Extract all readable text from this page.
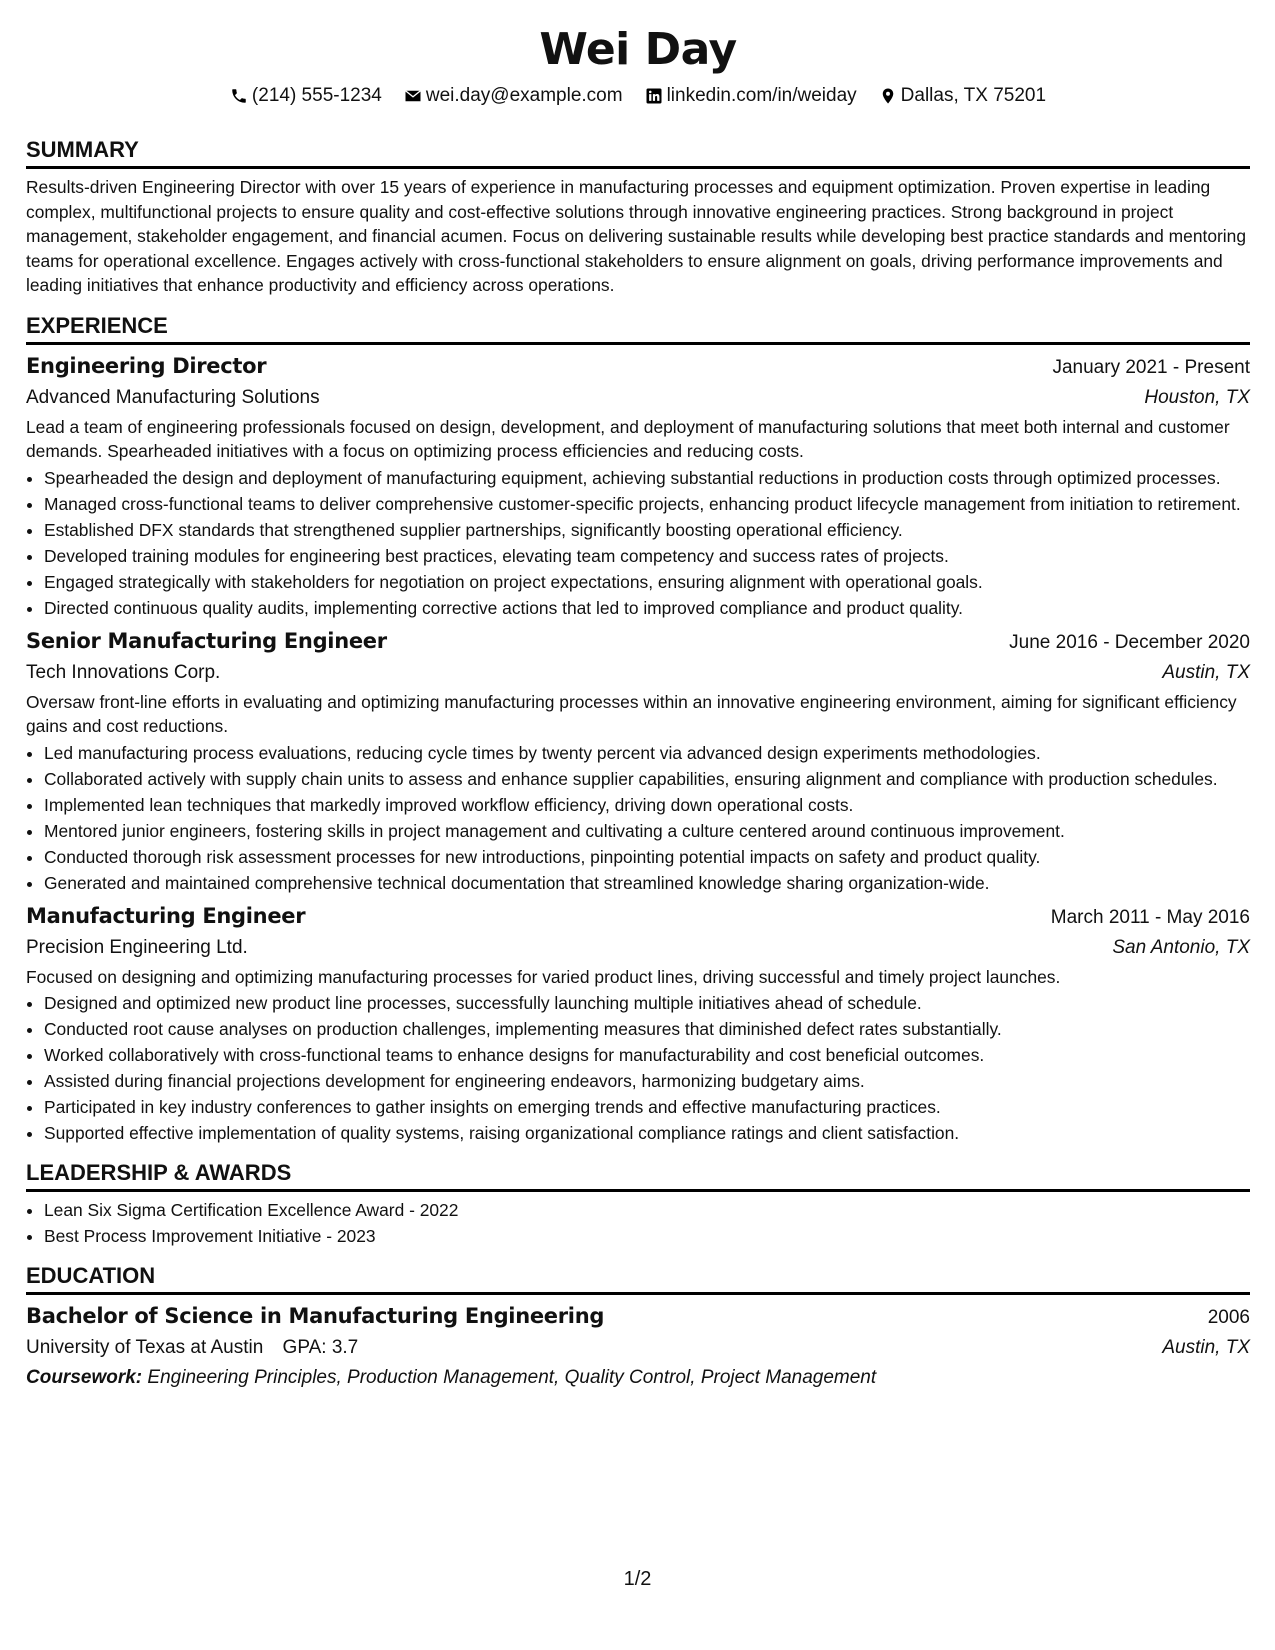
Wei Day
(214) 555-1234 wei.day@example.com linkedin.com/in/weiday Dallas, TX 75201
SUMMARY

Results-driven Engineering Director with over 15 years of experience in manufacturing processes and equipment optimization. Proven expertise in leading complex, multifunctional projects to ensure quality and cost-effective solutions through innovative engineering practices. Strong background in project management, stakeholder engagement, and financial acumen. Focus on delivering sustainable results while developing best practice standards and mentoring teams for operational excellence. Engages actively with cross-functional stakeholders to ensure alignment on goals, driving performance improvements and leading initiatives that enhance productivity and efficiency across operations.

EXPERIENCE
Engineering Director	January 2021 - Present
Advanced Manufacturing Solutions	Houston, TX

Lead a team of engineering professionals focused on design, development, and deployment of manufacturing solutions that meet both internal and customer demands. Spearheaded initiatives with a focus on optimizing process efficiencies and reducing costs.

• Spearheaded the design and deployment of manufacturing equipment, achieving substantial reductions in production costs through optimized processes.
• Managed cross-functional teams to deliver comprehensive customer-specific projects, enhancing product lifecycle management from initiation to retirement.
• Established DFX standards that strengthened supplier partnerships, significantly boosting operational efficiency.
• Developed training modules for engineering best practices, elevating team competency and success rates of projects.
• Engaged strategically with stakeholders for negotiation on project expectations, ensuring alignment with operational goals.
• Directed continuous quality audits, implementing corrective actions that led to improved compliance and product quality.
Senior Manufacturing Engineer	June 2016 - December 2020
Tech Innovations Corp.	Austin, TX

Oversaw front-line efforts in evaluating and optimizing manufacturing processes within an innovative engineering environment, aiming for significant efficiency gains and cost reductions.

• Led manufacturing process evaluations, reducing cycle times by twenty percent via advanced design experiments methodologies.
• Collaborated actively with supply chain units to assess and enhance supplier capabilities, ensuring alignment and compliance with production schedules.
• Implemented lean techniques that markedly improved workflow efficiency, driving down operational costs.
• Mentored junior engineers, fostering skills in project management and cultivating a culture centered around continuous improvement.
• Conducted thorough risk assessment processes for new introductions, pinpointing potential impacts on safety and product quality.
• Generated and maintained comprehensive technical documentation that streamlined knowledge sharing organization-wide.
Manufacturing Engineer	March 2011 - May 2016
Precision Engineering Ltd.	San Antonio, TX

Focused on designing and optimizing manufacturing processes for varied product lines, driving successful and timely project launches.

• Designed and optimized new product line processes, successfully launching multiple initiatives ahead of schedule.
• Conducted root cause analyses on production challenges, implementing measures that diminished defect rates substantially.
• Worked collaboratively with cross-functional teams to enhance designs for manufacturability and cost beneficial outcomes.
• Assisted during financial projections development for engineering endeavors, harmonizing budgetary aims.
• Participated in key industry conferences to gather insights on emerging trends and effective manufacturing practices.
• Supported effective implementation of quality systems, raising organizational compliance ratings and client satisfaction.
LEADERSHIP & AWARDS
• Lean Six Sigma Certification Excellence Award - 2022
• Best Process Improvement Initiative - 2023
EDUCATION
Bachelor of Science in Manufacturing Engineering	2006
University of Texas at Austin GPA: 3.7	Austin, TX
Coursework: Engineering Principles, Production Management, Quality Control, Project Management
1/2
